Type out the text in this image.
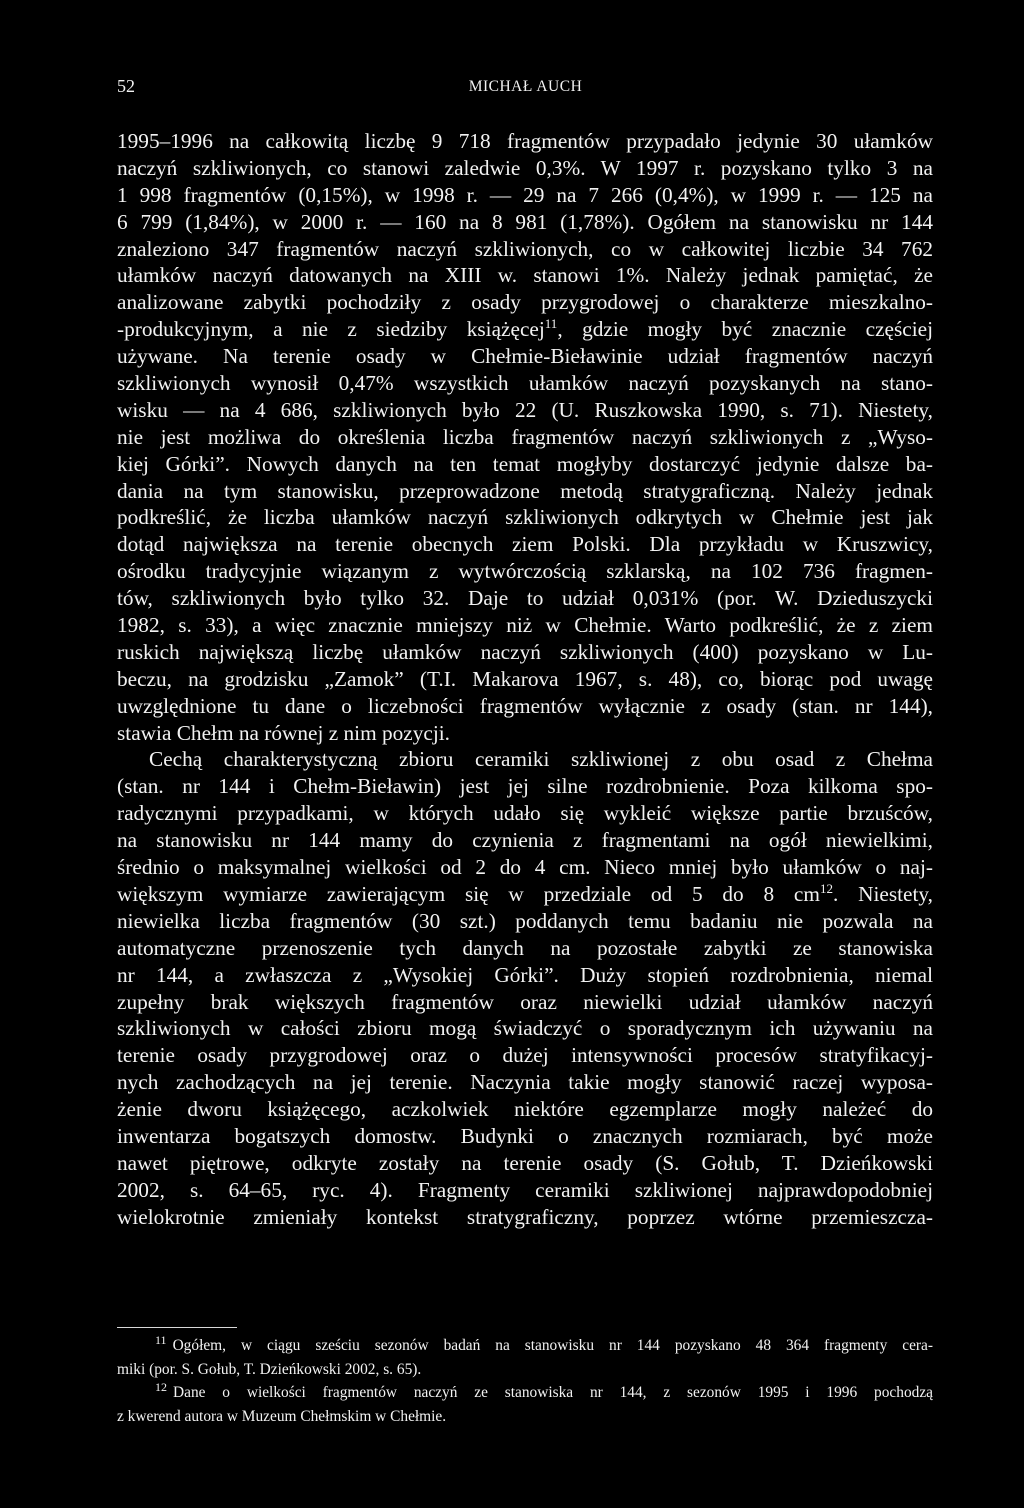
52	MICHAŁ AUCH
1995–1996 na całkowitą liczbę 9 718 fragmentów przypadało jedynie 30 ułamków
naczyń szkliwionych, co stanowi zaledwie 0,3%. W 1997 r. pozyskano tylko 3 na
1 998 fragmentów (0,15%), w 1998 r. — 29 na 7 266 (0,4%), w 1999 r. — 125 na
6 799 (1,84%), w 2000 r. — 160 na 8 981 (1,78%). Ogółem na stanowisku nr 144
znaleziono 347 fragmentów naczyń szkliwionych, co w całkowitej liczbie 34 762
ułamków naczyń datowanych na XIII w. stanowi 1%. Należy jednak pamiętać, że
analizowane zabytki pochodziły z osady przygrodowej o charakterze mieszkalno-
-produkcyjnym, a nie z siedziby książęcej$^{11}$, gdzie mogły być znacznie częściej
używane. Na terenie osady w Chełmie-Bieławinie udział fragmentów naczyń
szkliwionych wynosił 0,47% wszystkich ułamków naczyń pozyskanych na stano-
wisku — na 4 686, szkliwionych było 22 (U. Ruszkowska 1990, s. 71). Niestety,
nie jest możliwa do określenia liczba fragmentów naczyń szkliwionych z „Wyso-
kiej Górki”. Nowych danych na ten temat mogłyby dostarczyć jedynie dalsze ba-
dania na tym stanowisku, przeprowadzone metodą stratygraficzną. Należy jednak
podkreślić, że liczba ułamków naczyń szkliwionych odkrytych w Chełmie jest jak
dotąd największa na terenie obecnych ziem Polski. Dla przykładu w Kruszwicy,
ośrodku tradycyjnie wiązanym z wytwórczością szklarską, na 102 736 fragmen-
tów, szkliwionych było tylko 32. Daje to udział 0,031% (por. W. Dzieduszycki
1982, s. 33), a więc znacznie mniejszy niż w Chełmie. Warto podkreślić, że z ziem
ruskich największą liczbę ułamków naczyń szkliwionych (400) pozyskano w Lu-
beczu, na grodzisku „Zamok” (T.I. Makarova 1967, s. 48), co, biorąc pod uwagę
uwzględnione tu dane o liczebności fragmentów wyłącznie z osady (stan. nr 144),
stawia Chełm na równej z nim pozycji.
Cechą charakterystyczną zbioru ceramiki szkliwionej z obu osad z Chełma
(stan. nr 144 i Chełm-Bieławin) jest jej silne rozdrobnienie. Poza kilkoma spo-
radycznymi przypadkami, w których udało się wykleić większe partie brzuśców,
na stanowisku nr 144 mamy do czynienia z fragmentami na ogół niewielkimi,
średnio o maksymalnej wielkości od 2 do 4 cm. Nieco mniej było ułamków o naj-
większym wymiarze zawierającym się w przedziale od 5 do 8 $cm^{12}$. Niestety,
niewielka liczba fragmentów (30 szt.) poddanych temu badaniu nie pozwala na
automatyczne przenoszenie tych danych na pozostałe zabytki ze stanowiska
nr 144, a zwłaszcza z „Wysokiej Górki”. Duży stopień rozdrobnienia, niemal
zupełny brak większych fragmentów oraz niewielki udział ułamków naczyń
szkliwionych w całości zbioru mogą świadczyć o sporadycznym ich używaniu na
terenie osady przygrodowej oraz o dużej intensywności procesów stratyfikacyj-
nych zachodzących na jej terenie. Naczynia takie mogły stanowić raczej wyposa-
żenie dworu książęcego, aczkolwiek niektóre egzemplarze mogły należeć do
inwentarza bogatszych domostw. Budynki o znacznych rozmiarach, być może
nawet piętrowe, odkryte zostały na terenie osady (S. Gołub, T. Dzieńkowski
2002, s. 64–65, ryc. 4). Fragmenty ceramiki szkliwionej najprawdopodobniej
wielokrotnie zmieniały kontekst stratygraficzny, poprzez wtórne przemieszcza-
$^{11}$ Ogółem, w ciągu sześciu sezonów badań na stanowisku nr 144 pozyskano 48 364 fragmenty cera-
miki (por. S. Gołub, T. Dzieńkowski 2002, s. 65).
$^{12}$ Dane o wielkości fragmentów naczyń ze stanowiska nr 144, z sezonów 1995 i 1996 pochodzą
z kwerend autora w Muzeum Chełmskim w Chełmie.
